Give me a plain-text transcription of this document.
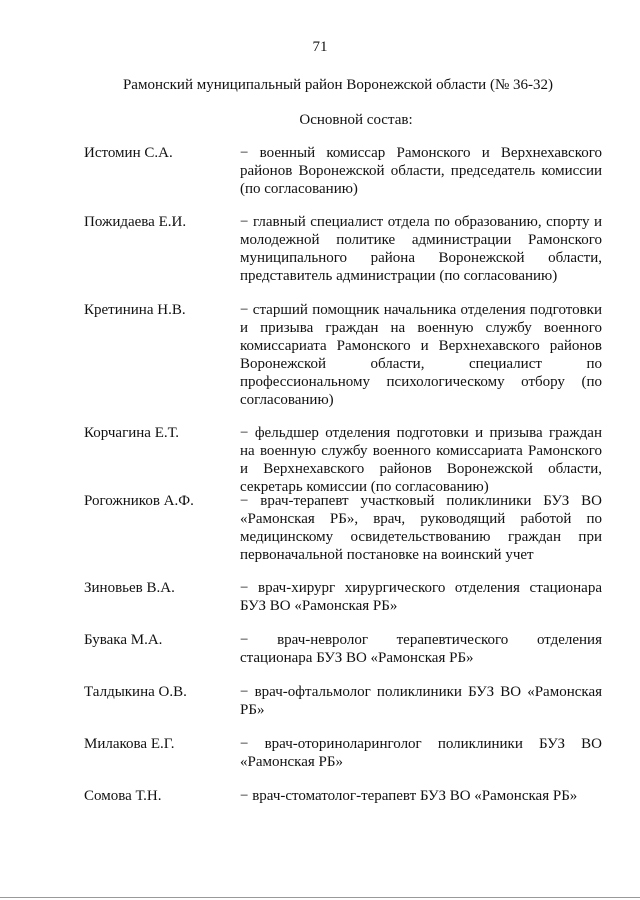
71
Рамонский муниципальный район Воронежской области (№ 36-32)
Основной состав:
Истомин С.А.	− военный комиссар Рамонского и Верхнехавского районов Воронежской области, председатель комиссии (по согласованию)
Пожидаева Е.И.	− главный специалист отдела по образованию, спорту и молодежной политике администрации Рамонского муниципального района Воронежской области, представитель администрации (по согласованию)
Кретинина Н.В.	− старший помощник начальника отделения подготовки и призыва граждан на военную службу военного комиссариата Рамонского и Верхнехавского районов Воронежской области, специалист по профессиональному психологическому отбору (по согласованию)
Корчагина Е.Т.	− фельдшер отделения подготовки и призыва граждан на военную службу военного комиссариата Рамонского и Верхнехавского районов Воронежской области, секретарь комиссии (по согласованию)
Рогожников А.Ф.	− врач-терапевт участковый поликлиники БУЗ ВО «Рамонская РБ», врач, руководящий работой по медицинскому освидетельствованию граждан при первоначальной постановке на воинский учет
Зиновьев В.А.	− врач-хирург хирургического отделения стационара БУЗ ВО «Рамонская РБ»
Бувака М.А.	− врач-невролог терапевтического отделения стационара БУЗ ВО «Рамонская РБ»
Талдыкина О.В.	− врач-офтальмолог поликлиники БУЗ ВО «Рамонская РБ»
Милакова Е.Г.	− врач-оториноларинголог поликлиники БУЗ ВО «Рамонская РБ»
Сомова Т.Н.	− врач-стоматолог-терапевт БУЗ ВО «Рамонская РБ»
